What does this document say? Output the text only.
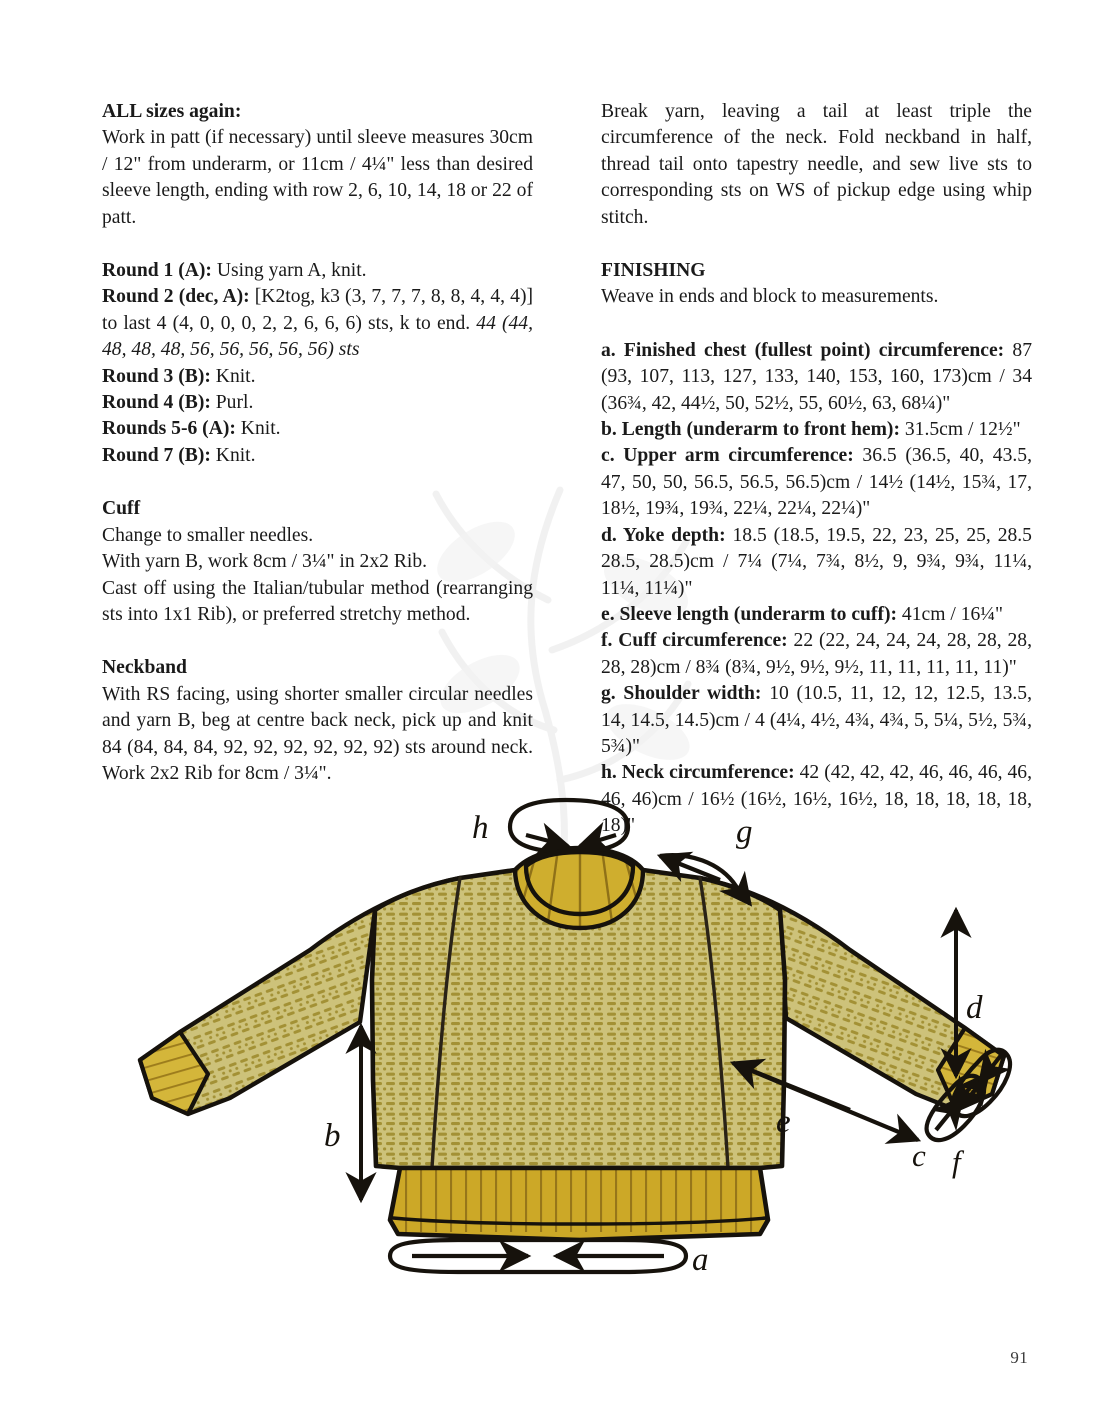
ALL sizes again:

Work in patt (if necessary) until sleeve measures 30cm / 12" from underarm, or 11cm / 4¼" less than desired sleeve length, ending with row 2, 6, 10, 14, 18 or 22 of patt.

Round 1 (A): Using yarn A, knit.

Round 2 (dec, A): [K2tog, k3 (3, 7, 7, 7, 8, 8, 4, 4, 4)] to last 4 (4, 0, 0, 0, 2, 2, 6, 6, 6) sts, k to end. 44 (44, 48, 48, 48, 56, 56, 56, 56, 56) sts

Round 3 (B): Knit.

Round 4 (B): Purl.

Rounds 5-6 (A): Knit.

Round 7 (B): Knit.

Cuff

Change to smaller needles.

With yarn B, work 8cm / 3¼" in 2x2 Rib.

Cast off using the Italian/tubular method (rearranging sts into 1x1 Rib), or preferred stretchy method.

Neckband

With RS facing, using shorter smaller circular needles and yarn B, beg at centre back neck, pick up and knit 84 (84, 84, 84, 92, 92, 92, 92, 92, 92) sts around neck. Work 2x2 Rib for 8cm / 3¼".

Break yarn, leaving a tail at least triple the circumference of the neck. Fold neckband in half, thread tail onto tapestry needle, and sew live sts to corresponding sts on WS of pickup edge using whip stitch.

FINISHING

Weave in ends and block to measurements.

a. Finished chest (fullest point) circumference: 87 (93, 107, 113, 127, 133, 140, 153, 160, 173)cm / 34 (36¾, 42, 44½, 50, 52½, 55, 60½, 63, 68¼)"

b. Length (underarm to front hem): 31.5cm / 12½"

c. Upper arm circumference: 36.5 (36.5, 40, 43.5, 47, 50, 50, 56.5, 56.5, 56.5)cm / 14½ (14½, 15¾, 17, 18½, 19¾, 19¾, 22¼, 22¼, 22¼)"

d. Yoke depth: 18.5 (18.5, 19.5, 22, 23, 25, 25, 28.5 28.5, 28.5)cm / 7¼ (7¼, 7¾, 8½, 9, 9¾, 9¾, 11¼, 11¼, 11¼)"

e. Sleeve length (underarm to cuff): 41cm / 16¼"

f. Cuff circumference: 22 (22, 24, 24, 24, 28, 28, 28, 28, 28)cm / 8¾ (8¾, 9½, 9½, 9½, 11, 11, 11, 11, 11)"

g. Shoulder width: 10 (10.5, 11, 12, 12, 12.5, 13.5, 14, 14.5, 14.5)cm / 4 (4¼, 4½, 4¾, 4¾, 5, 5¼, 5½, 5¾, 5¾)"

h. Neck circumference: 42 (42, 42, 42, 46, 46, 46, 46, 46, 46)cm / 16½ (16½, 16½, 16½, 18, 18, 18, 18, 18, 18)"

h	g
d
e
c f
b
a
91
